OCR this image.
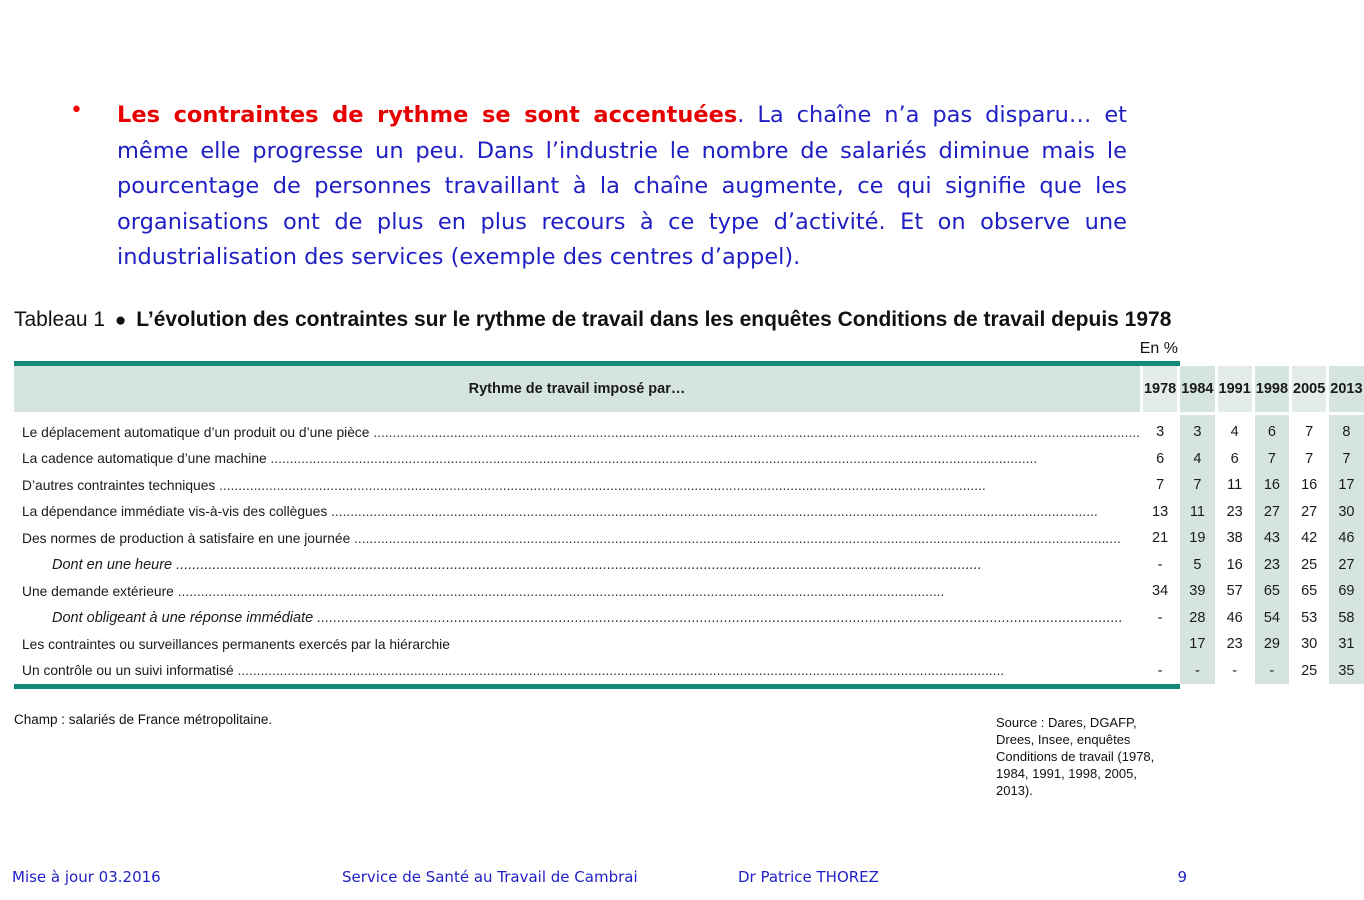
• Les contraintes de rythme se sont accentuées. La chaîne n’a pas disparu… et même elle progresse un peu. Dans l’industrie le nombre de salariés diminue mais le pourcentage de personnes travaillant à la chaîne augmente, ce qui signifie que les organisations ont de plus en plus recours à ce type d’activité. Et on observe une industrialisation des services (exemple des centres d’appel).
Tableau 1 ● L’évolution des contraintes sur le rythme de travail dans les enquêtes Conditions de travail depuis 1978
En %
Rythme de travail imposé par…	1978	1984	1991	1998	2005	2013
Le déplacement automatique d’un produit ou d’une pièce ........................................................................................................................................................................................................	3	3	4	6	7	8
La cadence automatique d’une machine ........................................................................................................................................................................................................	6	4	6	7	7	7
D’autres contraintes techniques ........................................................................................................................................................................................................	7	7	11	16	16	17
La dépendance immédiate vis-à-vis des collègues ........................................................................................................................................................................................................	13	11	23	27	27	30
Des normes de production à satisfaire en une journée ........................................................................................................................................................................................................	21	19	38	43	42	46
Dont en une heure ........................................................................................................................................................................................................	-	5	16	23	25	27
Une demande extérieure ........................................................................................................................................................................................................	34	39	57	65	65	69
Dont obligeant à une réponse immédiate ........................................................................................................................................................................................................	-	28	46	54	53	58
Les contraintes ou surveillances permanents exercés par la hiérarchie		17	23	29	30	31
Un contrôle ou un suivi informatisé ........................................................................................................................................................................................................	-	-	-	-	25	35
Champ : salariés de France métropolitaine.	Source : Dares, DGAFP, Drees, Insee, enquêtes Conditions de travail (1978, 1984, 1991, 1998, 2005, 2013).
Mise à jour 03.2016	Service de Santé au Travail de Cambrai	Dr Patrice THOREZ	9
